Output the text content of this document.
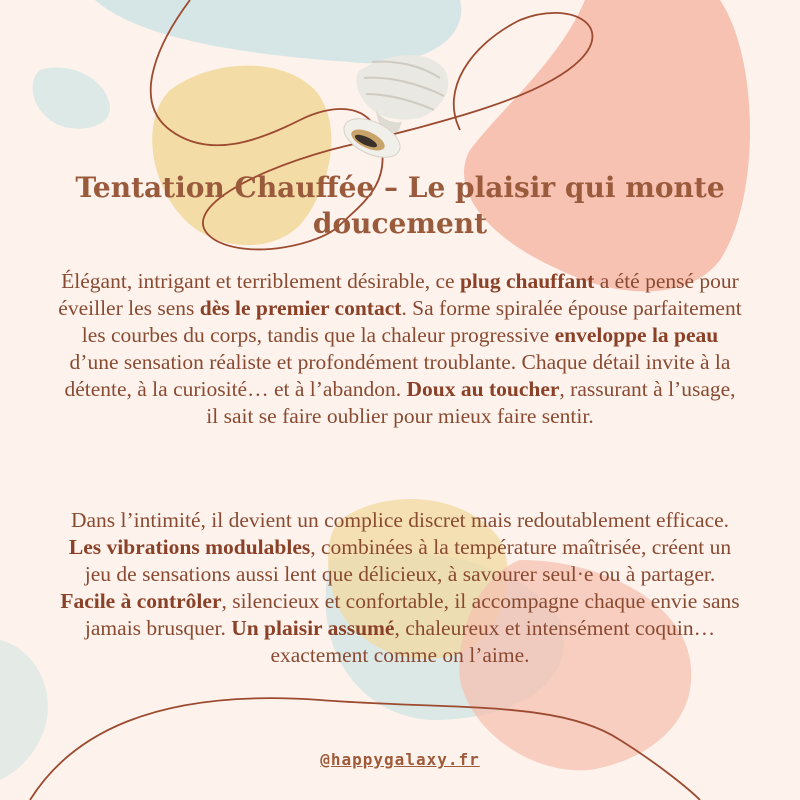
Tentation Chauffée – Le plaisir qui monte doucement

Élégant, intrigant et terriblement désirable, ce plug chauffant a été pensé pour éveiller les sens dès le premier contact. Sa forme spiralée épouse parfaitement les courbes du corps, tandis que la chaleur progressive enveloppe la peau d’une sensation réaliste et profondément troublante. Chaque détail invite à la détente, à la curiosité… et à l’abandon. Doux au toucher, rassurant à l’usage, il sait se faire oublier pour mieux faire sentir.

Dans l’intimité, il devient un complice discret mais redoutablement efficace. Les vibrations modulables, combinées à la température maîtrisée, créent un jeu de sensations aussi lent que délicieux, à savourer seul·e ou à partager. Facile à contrôler, silencieux et confortable, il accompagne chaque envie sans jamais brusquer. Un plaisir assumé, chaleureux et intensément coquin… exactement comme on l’aime.

@happygalaxy.fr
